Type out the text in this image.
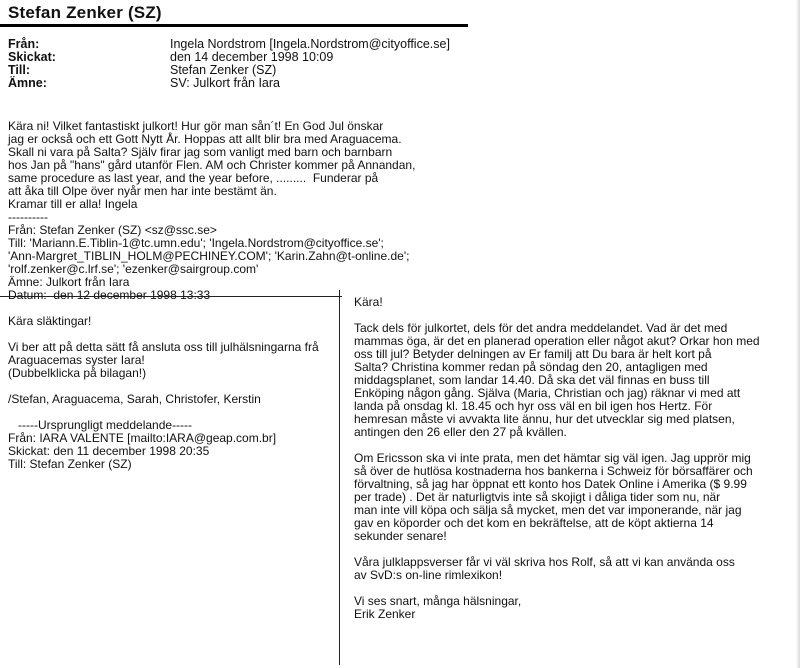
Stefan Zenker (SZ)
Från:	Ingela Nordstrom [Ingela.Nordstrom@cityoffice.se]
Skickat:	den 14 december 1998 10:09
Till:	Stefan Zenker (SZ)
Ämne:	SV: Julkort från Iara
Kära ni! Vilket fantastiskt julkort! Hur gör man sån´t! En God Jul önskar
jag er också och ett Gott Nytt År. Hoppas att allt blir bra med Araguacema.
Skall ni vara på Salta? Själv firar jag som vanligt med barn och barnbarn
hos Jan på "hans" gård utanför Flen. AM och Christer kommer på Annandan,
same procedure as last year, and the year before, .........  Funderar på
att åka till Olpe över nyår men har inte bestämt än.
Kramar till er alla! Ingela
----------
Från: Stefan Zenker (SZ) <sz@ssc.se>
Till: 'Mariann.E.Tiblin-1@tc.umn.edu'; 'Ingela.Nordstrom@cityoffice.se';
'Ann-Margret_TIBLIN_HOLM@PECHINEY.COM'; 'Karin.Zahn@t-online.de';
'rolf.zenker@c.lrf.se'; 'ezenker@sairgroup.com'
Ämne: Julkort från Iara
Datum:  den 12 december 1998 13:33
Kära släktingar!
Vi ber att på detta sätt få ansluta oss till julhälsningarna frå
Araguacemas syster Iara!
(Dubbelklicka på bilagan!)
/Stefan, Araguacema, Sarah, Christofer, Kerstin
-----Ursprungligt meddelande-----
Från: IARA VALENTE [mailto:IARA@geap.com.br]
Skickat: den 11 december 1998 20:35
Till: Stefan Zenker (SZ)
Kära!
Tack dels för julkortet, dels för det andra meddelandet. Vad är det med
mammas öga, är det en planerad operation eller något akut? Orkar hon med
oss till jul? Betyder delningen av Er familj att Du bara är helt kort på
Salta? Christina kommer redan på söndag den 20, antagligen med
middagsplanet, som landar 14.40. Då ska det väl finnas en buss till
Enköping någon gång. Själva (Maria, Christian och jag) räknar vi med att
landa på onsdag kl. 18.45 och hyr oss väl en bil igen hos Hertz. För
hemresan måste vi avvakta lite ännu, hur det utvecklar sig med platsen,
antingen den 26 eller den 27 på kvällen.
Om Ericsson ska vi inte prata, men det hämtar sig väl igen. Jag upprör mig
så över de hutlösa kostnaderna hos bankerna i Schweiz för börsaffärer och
förvaltning, så jag har öppnat ett konto hos Datek Online i Amerika ($ 9.99
per trade) . Det är naturligtvis inte så skojigt i dåliga tider som nu, när
man inte vill köpa och sälja så mycket, men det var imponerande, när jag
gav en köporder och det kom en bekräftelse, att de köpt aktierna 14
sekunder senare!
Våra julklappsverser får vi väl skriva hos Rolf, så att vi kan använda oss
av SvD:s on-line rimlexikon!
Vi ses snart, många hälsningar,
Erik Zenker
